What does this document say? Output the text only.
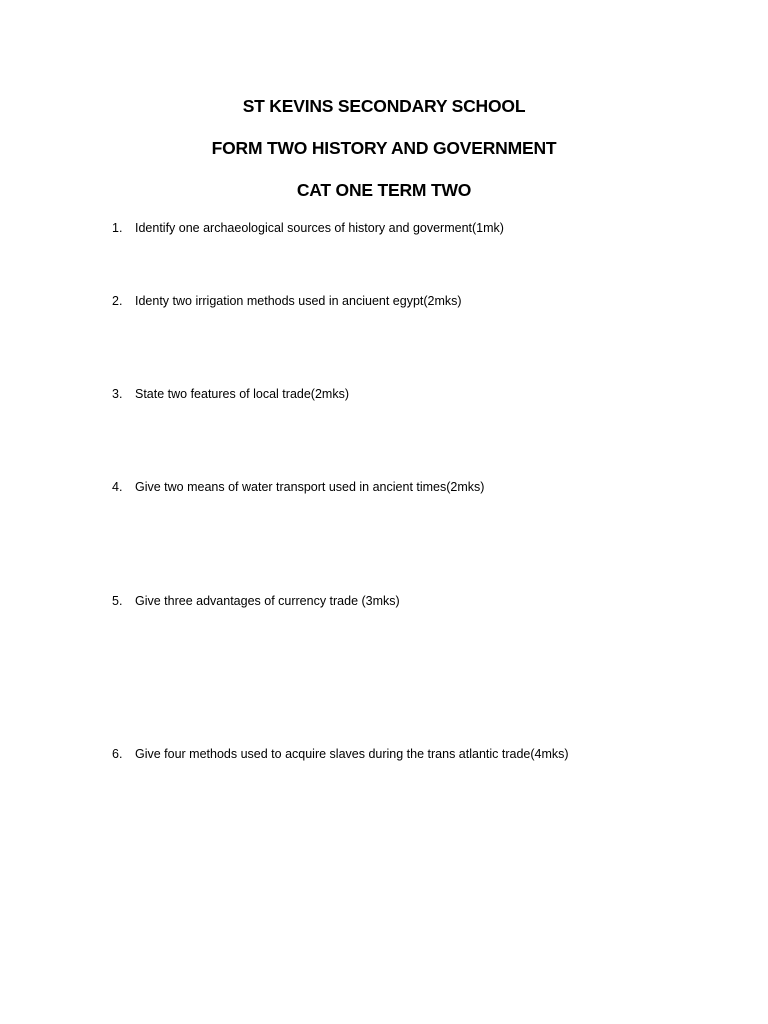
ST KEVINS SECONDARY SCHOOL
FORM TWO HISTORY AND GOVERNMENT
CAT ONE TERM TWO
1. Identify one archaeological sources of history and goverment(1mk)
2. Identy two irrigation methods used in anciuent egypt(2mks)
3. State two features of local trade(2mks)
4. Give two means of water transport used in ancient times(2mks)
5. Give three advantages of currency trade (3mks)
6. Give four methods used to acquire slaves during the trans atlantic trade(4mks)
